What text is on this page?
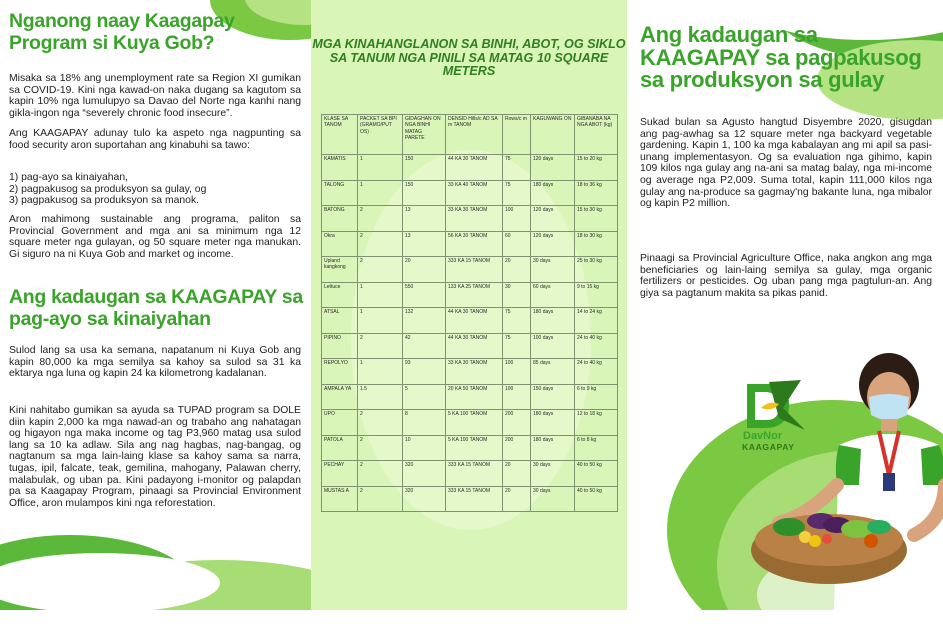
Nganong naay Kaagapay Program si Kuya Gob?

Misaka sa 18% ang unemployment rate sa Region XI gumikan sa COVID-19. Kini nga kawad-on naka dugang sa kagutom sa kapin 10% nga lumulupyo sa Davao del Norte nga kanhi nang gikla-ingon nga “severely chronic food insecure”.

Ang KAAGAPAY adunay tulo ka aspeto nga nagpunting sa food security aron suportahan ang kinabuhi sa tawo:

1) pag-ayo sa kinaiyahan,
2) pagpakusog sa produksyon sa gulay, og
3) pagpakusog sa produksyon sa manok.

Aron mahimong sustainable ang programa, paliton sa Provincial Government and mga ani sa minimum nga 12 square meter nga gulayan, og 50 square meter nga manukan. Gi siguro na ni Kuya Gob and market og income.

Ang kadaugan sa KAAGAPAY sa pag-ayo sa kinaiyahan

Sulod lang sa usa ka semana, napatanum ni Kuya Gob ang kapin 80,000 ka mga semilya sa kahoy sa sulod sa 31 ka ektarya nga luna og kapin 24 ka kilometrong kadalanan.

Kini nahitabo gumikan sa ayuda sa TUPAD program sa DOLE diin kapin 2,000 ka mga nawad-an og trabaho ang nahatagan og higayon nga maka income og tag P3,960 matag usa sulod lang sa 10 ka adlaw. Sila ang nag hagbas, nag-bangag, og nagtanum sa mga lain-laing klase sa kahoy sama sa narra, tugas, ipil, falcate, teak, gemilina, mahogany, Palawan cherry, malabulak, og uban pa. Kini padayong i-monitor og palapdan pa sa Kaagapay Program, pinaagi sa Provincial Environment Office, aron mulampos kini nga reforestation.

MGA KINAHANGLANON SA BINHI, ABOT, OG SIKLO SA TANUM NGA PINILI SA MATAG 10 SQUARE METERS
KLASE SA TANOM	PACKET SA BPI (GRAMO/PUT OS)	GIDAGHAN ON NGA BINHI MATAG PARETE	DENSID Hills/c AD SA m TANOM	Rows/c m	KAGUWANG ON	GIBANABA NA NGA ABOT (kg)
KAMATIS	1	150	44 KA 30 TANOM	75	120 days	15 to 20 kg
TALONG	1	150	33 KA 40 TANOM	75	180 days	18 to 36 kg
BATONG	2	13	33 KA 30 TANOM	100	120 days	15 to 30 kg
Okra	2	13	56 KA 30 TANOM	60	120 days	18 to 30 kg
Upland kangkong	2	20	333 KA 15 TANOM	20	30 days	25 to 30 kg
Lettuce	1	550	133 KA 25 TANOM	30	60 days	9 to 15 kg
ATSAL	1	132	44 KA 30 TANOM	75	180 days	14 to 24 kg
PIPINO	2	42	44 KA 30 TANOM	75	100 days	24 to 40 kg
REPOLYO	1	93	33 KA 30 TANOM	100	85 days	24 to 40 kg
AMPALA YA	1.5	5	20 KA 50 TANOM	100	150 days	6 to 9 kg
UPO	2	8	5 KA 100 TANOM	200	180 days	12 to 18 kg
PATOLA	2	10	5 KA 100 TANOM	200	180 days	6 to 8 kg
PECHAY	2	320	333 KA 15 TANOM	20	30 days	40 to 50 kg
MUSTAS A	2	320	333 KA 15 TANOM	20	30 days	40 to 50 kg
Ang kadaugan sa KAAGAPAY sa pagpakusog sa produksyon sa gulay

Sukad bulan sa Agusto hangtud Disyembre 2020, gisugdan ang pag-awhag sa 12 square meter nga backyard vegetable gardening. Kapin 1, 100 ka mga kabalayan ang mi apil sa pasi-unang implementasyon. Og sa evaluation nga gihimo, kapin 109 kilos nga gulay ang na-ani sa matag balay, nga mi-income og average nga P2,009. Suma total, kapin 111,000 kilos nga gulay ang na-produce sa gagmay'ng bakante luna, nga mibalor og kapin P2 million.

Pinaagi sa Provincial Agriculture Office, naka angkon ang mga beneficiaries og lain-laing semilya sa gulay, mga organic fertilizers or pesticides. Og uban pang mga pagtulun-an. Ang giya sa pagtanum makita sa pikas panid.

DavNor
KAAGAPAY
